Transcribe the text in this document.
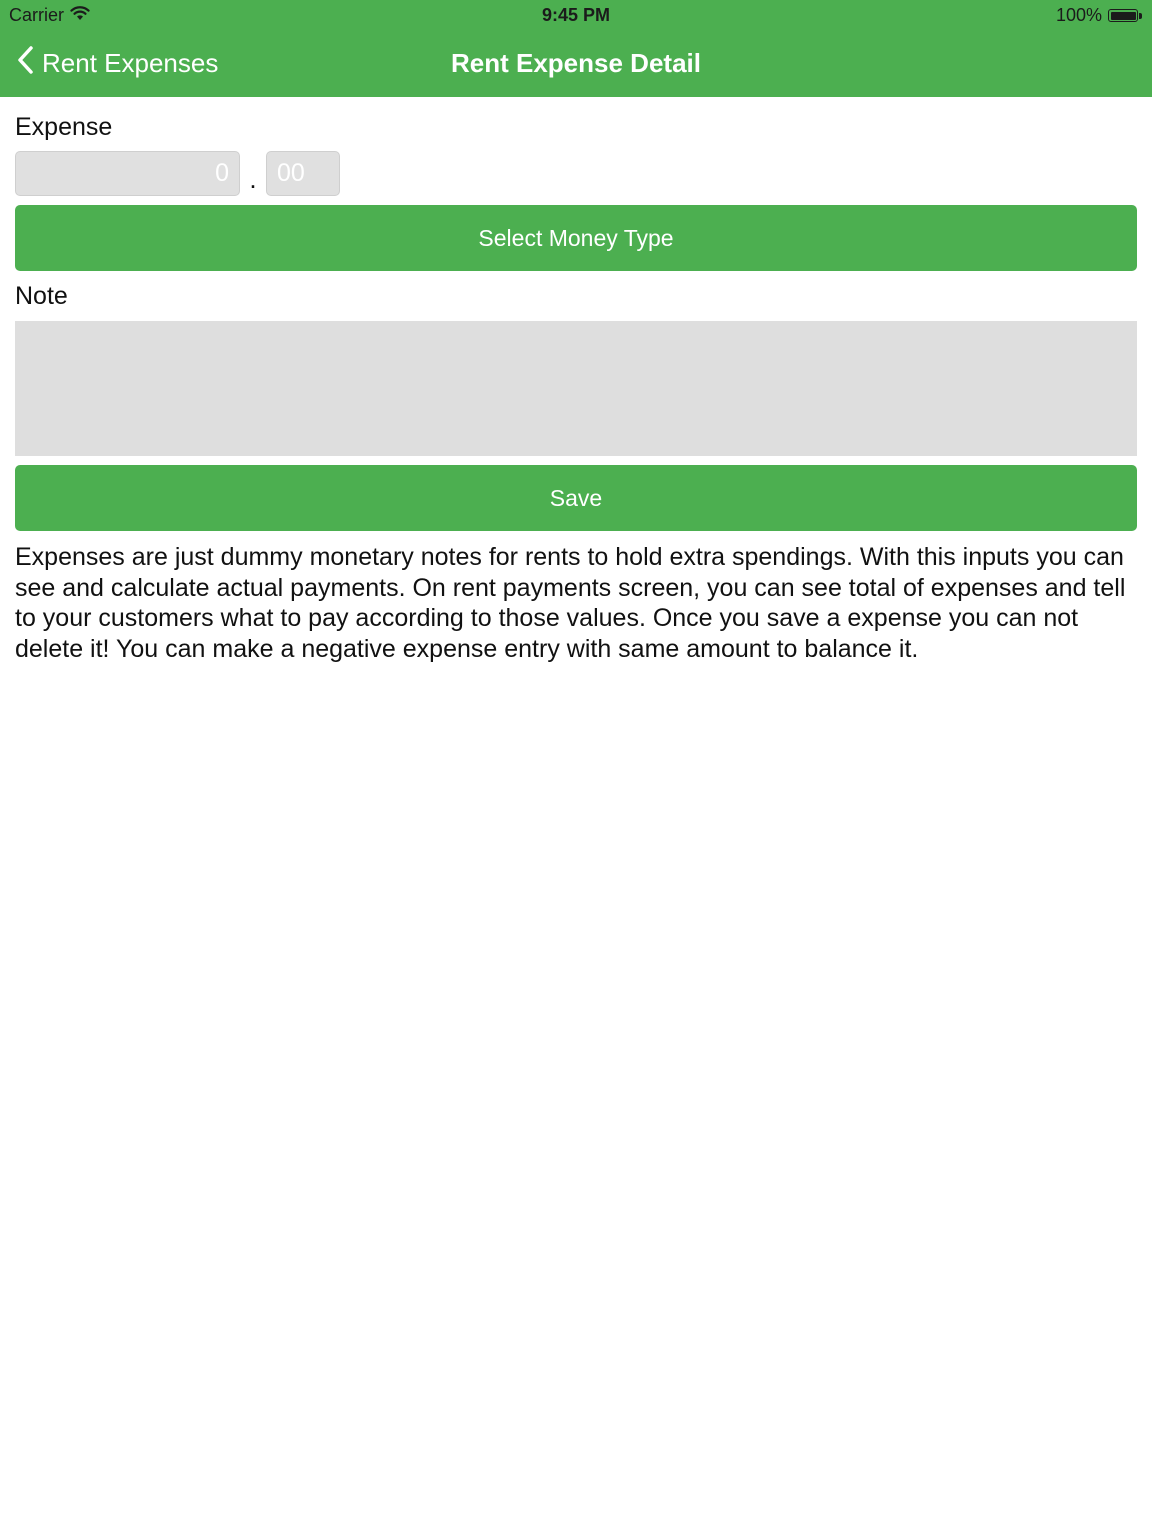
Carrier	9:45 PM	100%
Rent Expenses	Rent Expense Detail
Expense
0
.
00
Select Money Type
Note
Save
Expenses are just dummy monetary notes for rents to hold extra spendings. With this inputs you can see and calculate actual payments. On rent payments screen, you can see total of expenses and tell to your customers what to pay according to those values. Once you save a expense you can not delete it! You can make a negative expense entry with same amount to balance it.
